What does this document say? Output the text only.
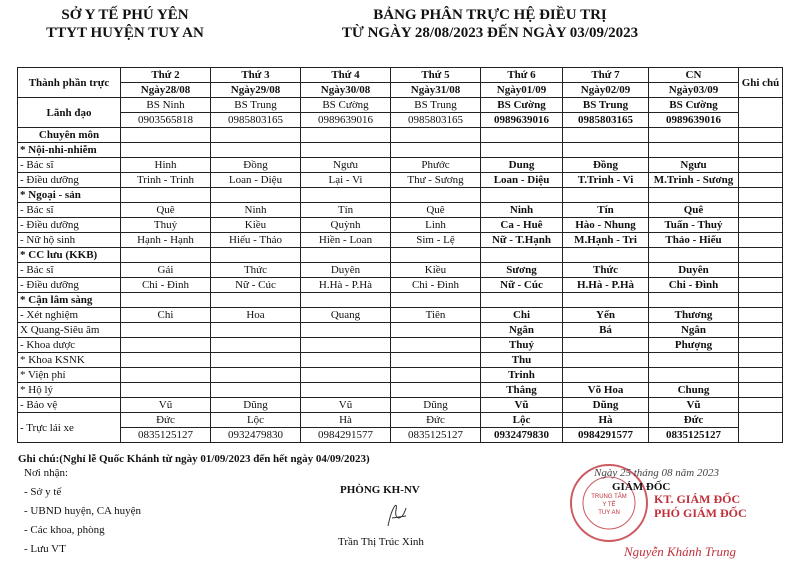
SỞ Y TẾ PHÚ YÊN
TTYT HUYỆN TUY AN
BẢNG PHÂN TRỰC HỆ ĐIỀU TRỊ
TỪ NGÀY 28/08/2023 ĐẾN NGÀY 03/09/2023
Thành phần trực	Thứ 2	Thứ 3	Thứ 4	Thứ 5	Thứ 6	Thứ 7	CN	Ghi chú
	Ngày28/08	Ngày29/08	Ngày30/08	Ngày31/08	Ngày01/09	Ngày02/09	Ngày03/09	
Lãnh đạo	BS Ninh	BS Trung	BS Cường	BS Trung	BS Cường	BS Trung	BS Cường	
	0903565818	0985803165	0989639016	0985803165	0989639016	0985803165	0989639016	
Chuyên môn								
* Nội-nhi-nhiễm								
- Bác sĩ	Hinh	Đồng	Ngưu	Phước	Dung	Đồng	Ngưu	
- Điều dưỡng	Trinh - Trinh	Loan - Diệu	Lại - Vi	Thư - Sương	Loan - Diệu	T.Trinh - Vi	M.Trinh - Sương	
* Ngoại - sản								
- Bác sĩ	Quê	Ninh	Tín	Quê	Ninh	Tín	Quê	
- Điều dưỡng	Thuỷ	Kiều	Quỳnh	Linh	Ca - Huê	Hào - Nhung	Tuấn - Thuỷ	
- Nữ hộ sinh	Hạnh - Hạnh	Hiếu - Thảo	Hiền - Loan	Sim - Lệ	Nữ - T.Hạnh	M.Hạnh - Tri	Thảo - Hiếu	
* CC lưu (KKB)								
- Bác sĩ	Gái	Thức	Duyên	Kiều	Sương	Thức	Duyên	
- Điều dưỡng	Chi - Đình	Nữ - Cúc	H.Hà - P.Hà	Chi - Đình	Nữ - Cúc	H.Hà - P.Hà	Chi - Đình	
* Cận lâm sàng								
- Xét nghiệm	Chi	Hoa	Quang	Tiên	Chi	Yến	Thương	
X Quang-Siêu âm					Ngân	Bá	Ngân	
- Khoa dược					Thuỷ		Phượng	
* Khoa KSNK					Thu			
* Viện phí					Trinh			
* Hộ lý					Thắng	Võ Hoa	Chung	
- Bảo vệ	Vũ	Dũng	Vũ	Dũng	Vũ	Dũng	Vũ	
- Trực lái xe	Đức	Lộc	Hà	Đức	Lộc	Hà	Đức	
	0835125127	0932479830	0984291577	0835125127	0932479830	0984291577	0835125127	
Ghi chú:(Nghỉ lễ Quốc Khánh từ ngày 01/09/2023 đến hết ngày 04/09/2023)
Nơi nhận:
- Sở y tế
- UBND huyện, CA huyện
- Các khoa, phòng
- Lưu VT
PHÒNG KH-NV
Trần Thị Trúc Xinh
TRUNG TÂM
Y TẾ
TUY AN
Ngày 25 tháng 08 năm 2023
GIÁM ĐỐC
KT. GIÁM ĐỐC
PHÓ GIÁM ĐỐC
Nguyễn Khánh Trung
